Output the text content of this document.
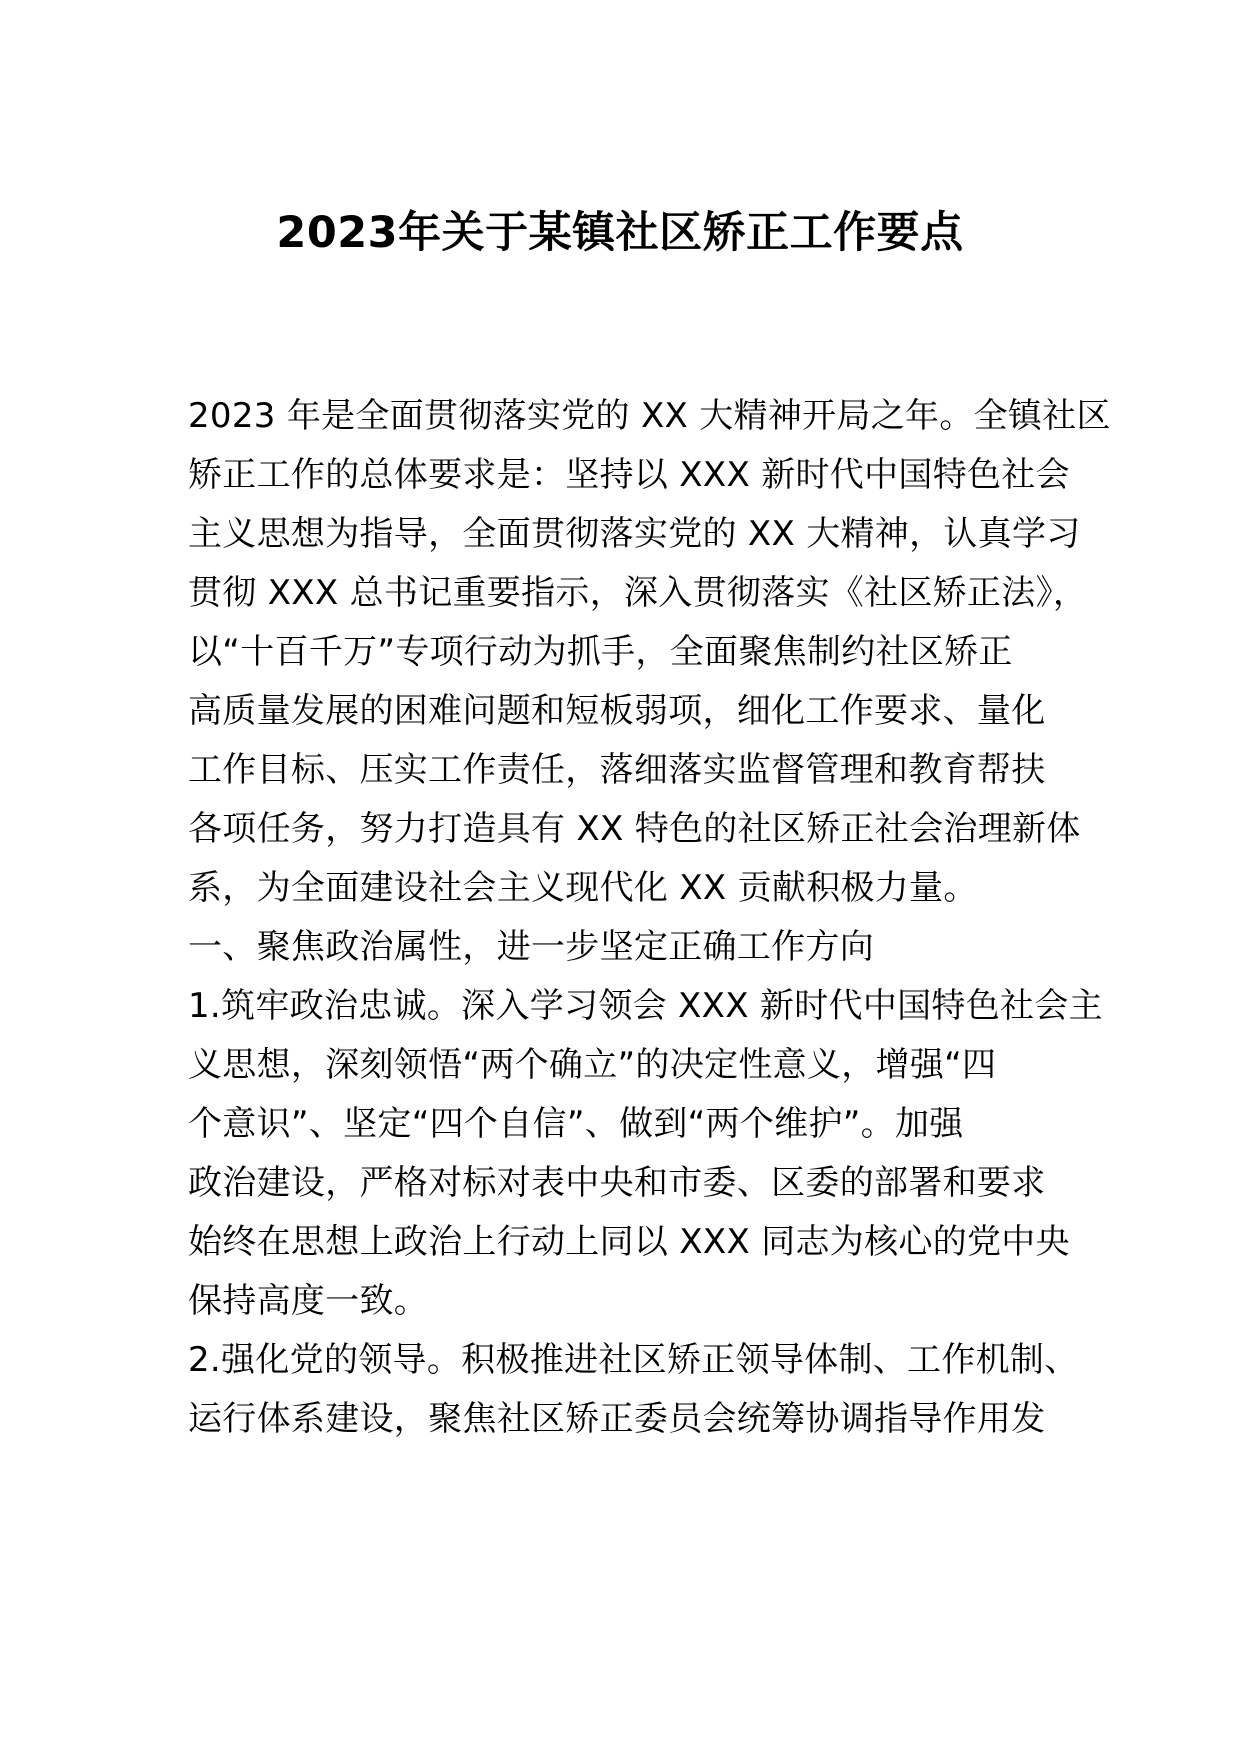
2023年关于某镇社区矫正工作要点
2023 年是全面贯彻落实党的 XX 大精神开局之年。全镇社区
矫正工作的总体要求是：坚持以 XXX 新时代中国特色社会
主义思想为指导，全面贯彻落实党的 XX 大精神，认真学习
贯彻 XXX 总书记重要指示，深入贯彻落实《社区矫正法》，
以“十百千万”专项行动为抓手，全面聚焦制约社区矫正
高质量发展的困难问题和短板弱项，细化工作要求、量化
工作目标、压实工作责任，落细落实监督管理和教育帮扶
各项任务，努力打造具有 XX 特色的社区矫正社会治理新体
系，为全面建设社会主义现代化 XX 贡献积极力量。
一、聚焦政治属性，进一步坚定正确工作方向
1.筑牢政治忠诚。深入学习领会 XXX 新时代中国特色社会主
义思想，深刻领悟“两个确立”的决定性意义，增强“四
个意识”、坚定“四个自信”、做到“两个维护”。加强
政治建设，严格对标对表中央和市委、区委的部署和要求
始终在思想上政治上行动上同以 XXX 同志为核心的党中央
保持高度一致。
2.强化党的领导。积极推进社区矫正领导体制、工作机制、
运行体系建设，聚焦社区矫正委员会统筹协调指导作用发
